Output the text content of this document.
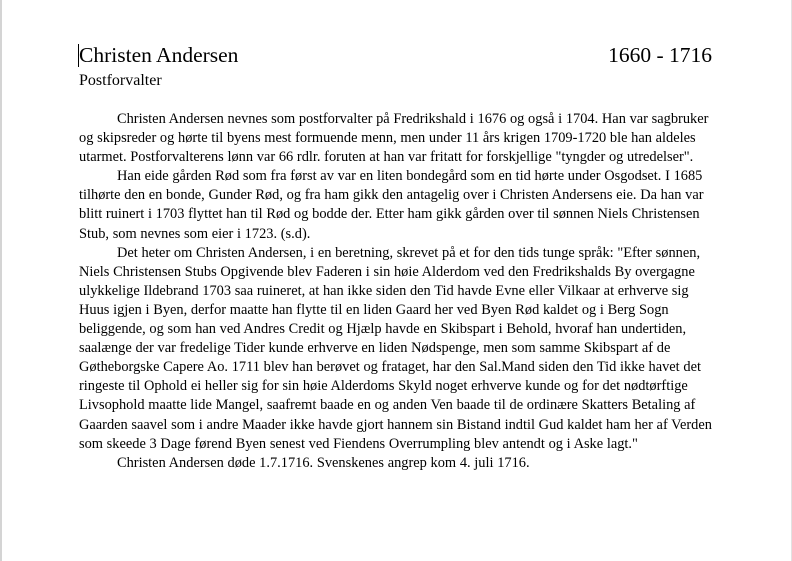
Christen Andersen	1660 - 1716
Postforvalter

Christen Andersen nevnes som postforvalter på Fredrikshald i 1676 og også i 1704. Han var sagbruker og skipsreder og hørte til byens mest formuende menn, men under 11 års krigen 1709-1720 ble han aldeles utarmet. Postforvalterens lønn var 66 rdlr. foruten at han var fritatt for forskjellige "tyngder og utredelser".

Han eide gården Rød som fra først av var en liten bondegård som en tid hørte under Osgodset. I 1685 tilhørte den en bonde, Gunder Rød, og fra ham gikk den antagelig over i Christen Andersens eie. Da han var blitt ruinert i 1703 flyttet han til Rød og bodde der. Etter ham gikk gården over til sønnen Niels Christensen Stub, som nevnes som eier i 1723. (s.d).

Det heter om Christen Andersen, i en beretning, skrevet på et for den tids tunge språk: "Efter sønnen, Niels Christensen Stubs Opgivende blev Faderen i sin høie Alderdom ved den Fredrikshalds By overgagne ulykkelige Ildebrand 1703 saa ruineret, at han ikke siden den Tid havde Evne eller Vilkaar at erhverve sig Huus igjen i Byen, derfor maatte han flytte til en liden Gaard her ved Byen Rød kaldet og i Berg Sogn beliggende, og som han ved Andres Credit og Hjælp havde en Skibspart i Behold, hvoraf han undertiden, saalænge der var fredelige Tider kunde erhverve en liden Nødspenge, men som samme Skibspart af de Gøtheborgske Capere Ao. 1711 blev han berøvet og frataget, har den Sal.Mand siden den Tid ikke havet det ringeste til Ophold ei heller sig for sin høie Alderdoms Skyld noget erhverve kunde og for det nødtørftige Livsophold maatte lide Mangel, saafremt baade en og anden Ven baade til de ordinære Skatters Betaling af Gaarden saavel som i andre Maader ikke havde gjort hannem sin Bistand indtil Gud kaldet ham her af Verden som skeede 3 Dage førend Byen senest ved Fiendens Overrumpling blev antendt og i Aske lagt."

Christen Andersen døde 1.7.1716. Svenskenes angrep kom 4. juli 1716.
